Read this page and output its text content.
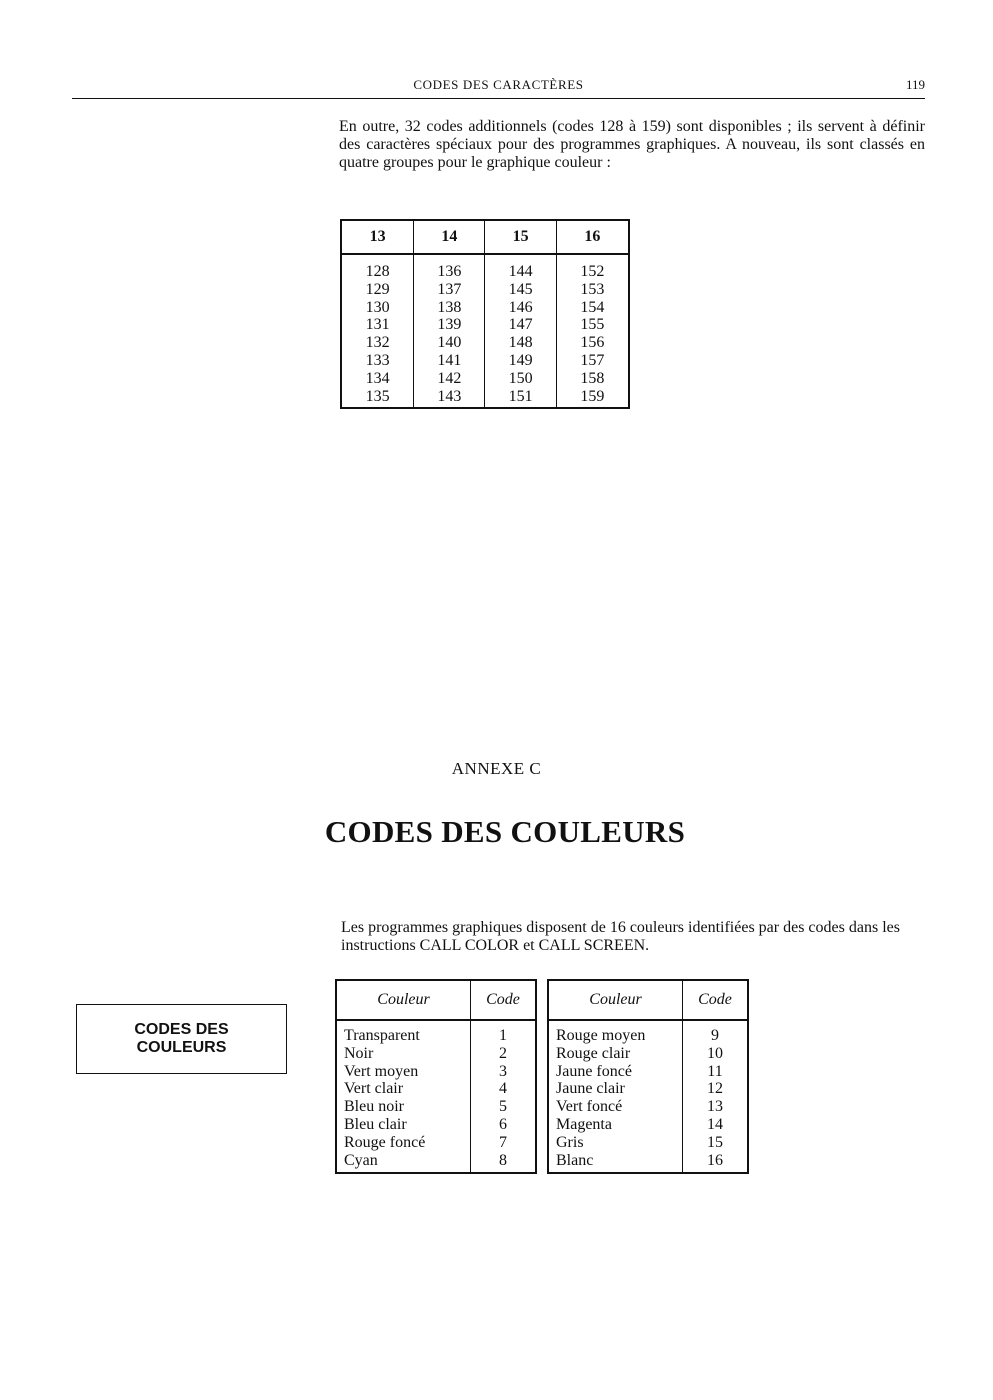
CODES DES CARACTÈRES	119

En outre, 32 codes additionnels (codes 128 à 159) sont disponibles ; ils servent à définir des caractères spéciaux pour des programmes graphiques. A nouveau, ils sont classés en quatre groupes pour le graphique couleur :

13	14	15	16
128	136	144	152
129	137	145	153
130	138	146	154
131	139	147	155
132	140	148	156
133	141	149	157
134	142	150	158
135	143	151	159
ANNEXE C
CODES DES COULEURS

Les programmes graphiques disposent de 16 couleurs identifiées par des codes dans les instructions CALL COLOR et CALL SCREEN.

CODES DES
COULEURS
Couleur	Code
Transparent	1
Noir	2
Vert moyen	3
Vert clair	4
Bleu noir	5
Bleu clair	6
Rouge foncé	7
Cyan	8
Couleur	Code
Rouge moyen	9
Rouge clair	10
Jaune foncé	11
Jaune clair	12
Vert foncé	13
Magenta	14
Gris	15
Blanc	16
